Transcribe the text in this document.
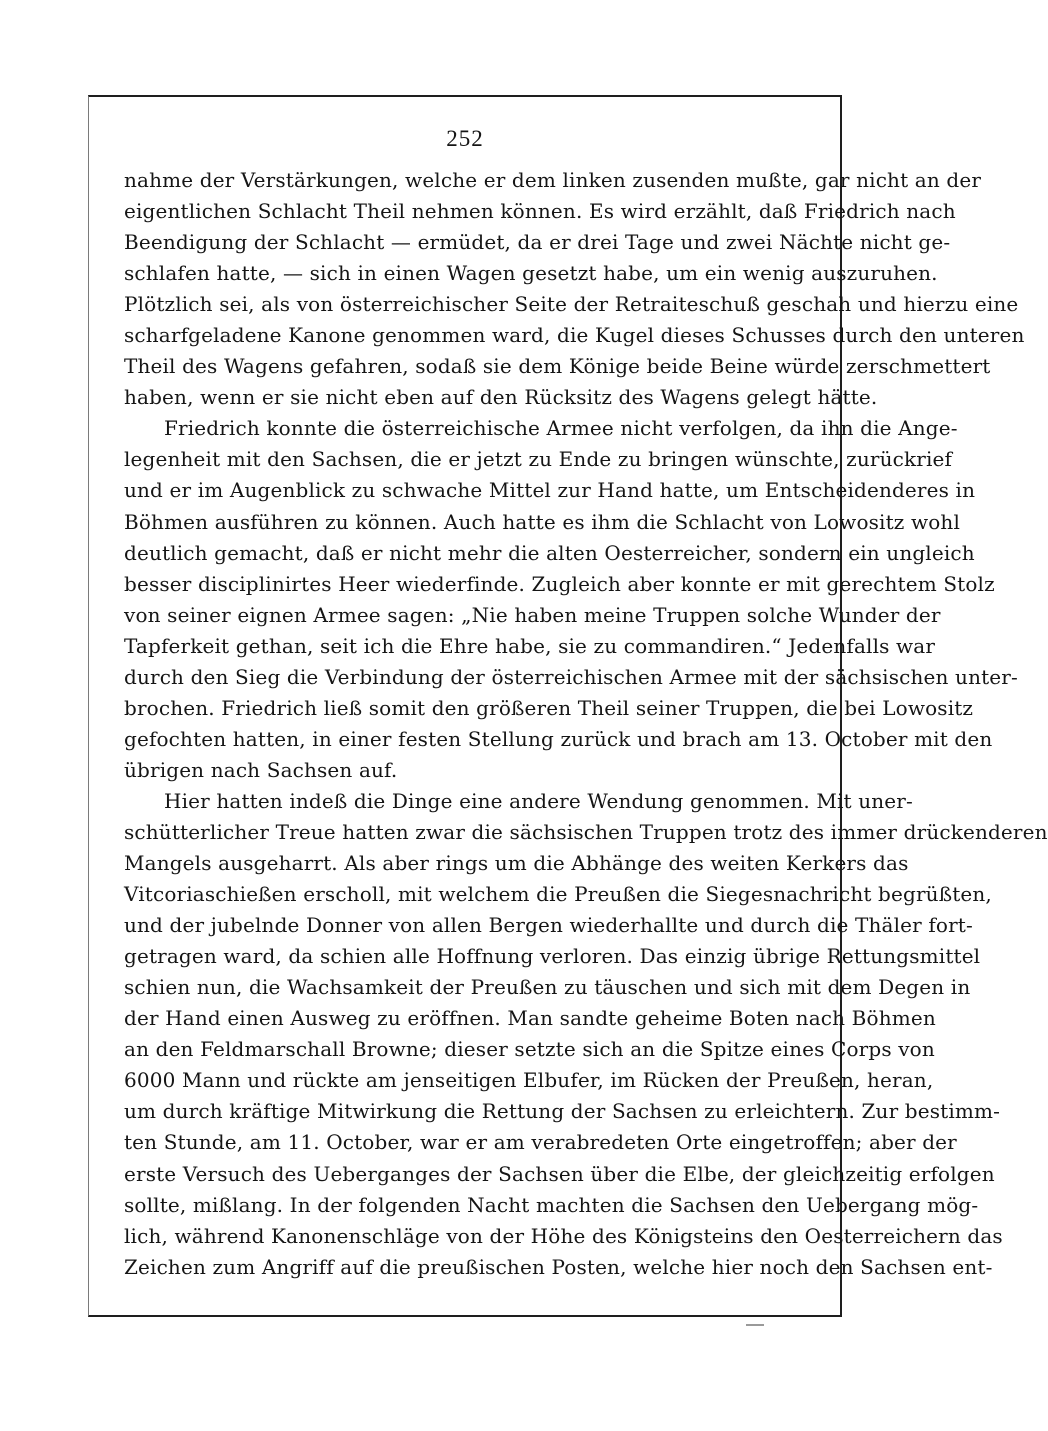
252
nahme der Verstärkungen, welche er dem linken zusenden mußte, gar nicht an der
eigentlichen Schlacht Theil nehmen können. Es wird erzählt, daß Friedrich nach
Beendigung der Schlacht — ermüdet, da er drei Tage und zwei Nächte nicht ge-
schlafen hatte, — sich in einen Wagen gesetzt habe, um ein wenig auszuruhen.
Plötzlich sei, als von österreichischer Seite der Retraiteschuß geschah und hierzu eine
scharfgeladene Kanone genommen ward, die Kugel dieses Schusses durch den unteren
Theil des Wagens gefahren, sodaß sie dem Könige beide Beine würde zerschmettert
haben, wenn er sie nicht eben auf den Rücksitz des Wagens gelegt hätte.
Friedrich konnte die österreichische Armee nicht verfolgen, da ihn die Ange-
legenheit mit den Sachsen, die er jetzt zu Ende zu bringen wünschte, zurückrief
und er im Augenblick zu schwache Mittel zur Hand hatte, um Entscheidenderes in
Böhmen ausführen zu können. Auch hatte es ihm die Schlacht von Lowositz wohl
deutlich gemacht, daß er nicht mehr die alten Oesterreicher, sondern ein ungleich
besser disciplinirtes Heer wiederfinde. Zugleich aber konnte er mit gerechtem Stolz
von seiner eignen Armee sagen: „Nie haben meine Truppen solche Wunder der
Tapferkeit gethan, seit ich die Ehre habe, sie zu commandiren.“ Jedenfalls war
durch den Sieg die Verbindung der österreichischen Armee mit der sächsischen unter-
brochen. Friedrich ließ somit den größeren Theil seiner Truppen, die bei Lowositz
gefochten hatten, in einer festen Stellung zurück und brach am 13. October mit den
übrigen nach Sachsen auf.
Hier hatten indeß die Dinge eine andere Wendung genommen. Mit uner-
schütterlicher Treue hatten zwar die sächsischen Truppen trotz des immer drückenderen
Mangels ausgeharrt. Als aber rings um die Abhänge des weiten Kerkers das
Vitcoriaschießen erscholl, mit welchem die Preußen die Siegesnachricht begrüßten,
und der jubelnde Donner von allen Bergen wiederhallte und durch die Thäler fort-
getragen ward, da schien alle Hoffnung verloren. Das einzig übrige Rettungsmittel
schien nun, die Wachsamkeit der Preußen zu täuschen und sich mit dem Degen in
der Hand einen Ausweg zu eröffnen. Man sandte geheime Boten nach Böhmen
an den Feldmarschall Browne; dieser setzte sich an die Spitze eines Corps von
6000 Mann und rückte am jenseitigen Elbufer, im Rücken der Preußen, heran,
um durch kräftige Mitwirkung die Rettung der Sachsen zu erleichtern. Zur bestimm-
ten Stunde, am 11. October, war er am verabredeten Orte eingetroffen; aber der
erste Versuch des Ueberganges der Sachsen über die Elbe, der gleichzeitig erfolgen
sollte, mißlang. In der folgenden Nacht machten die Sachsen den Uebergang mög-
lich, während Kanonenschläge von der Höhe des Königsteins den Oesterreichern das
Zeichen zum Angriff auf die preußischen Posten, welche hier noch den Sachsen ent-
